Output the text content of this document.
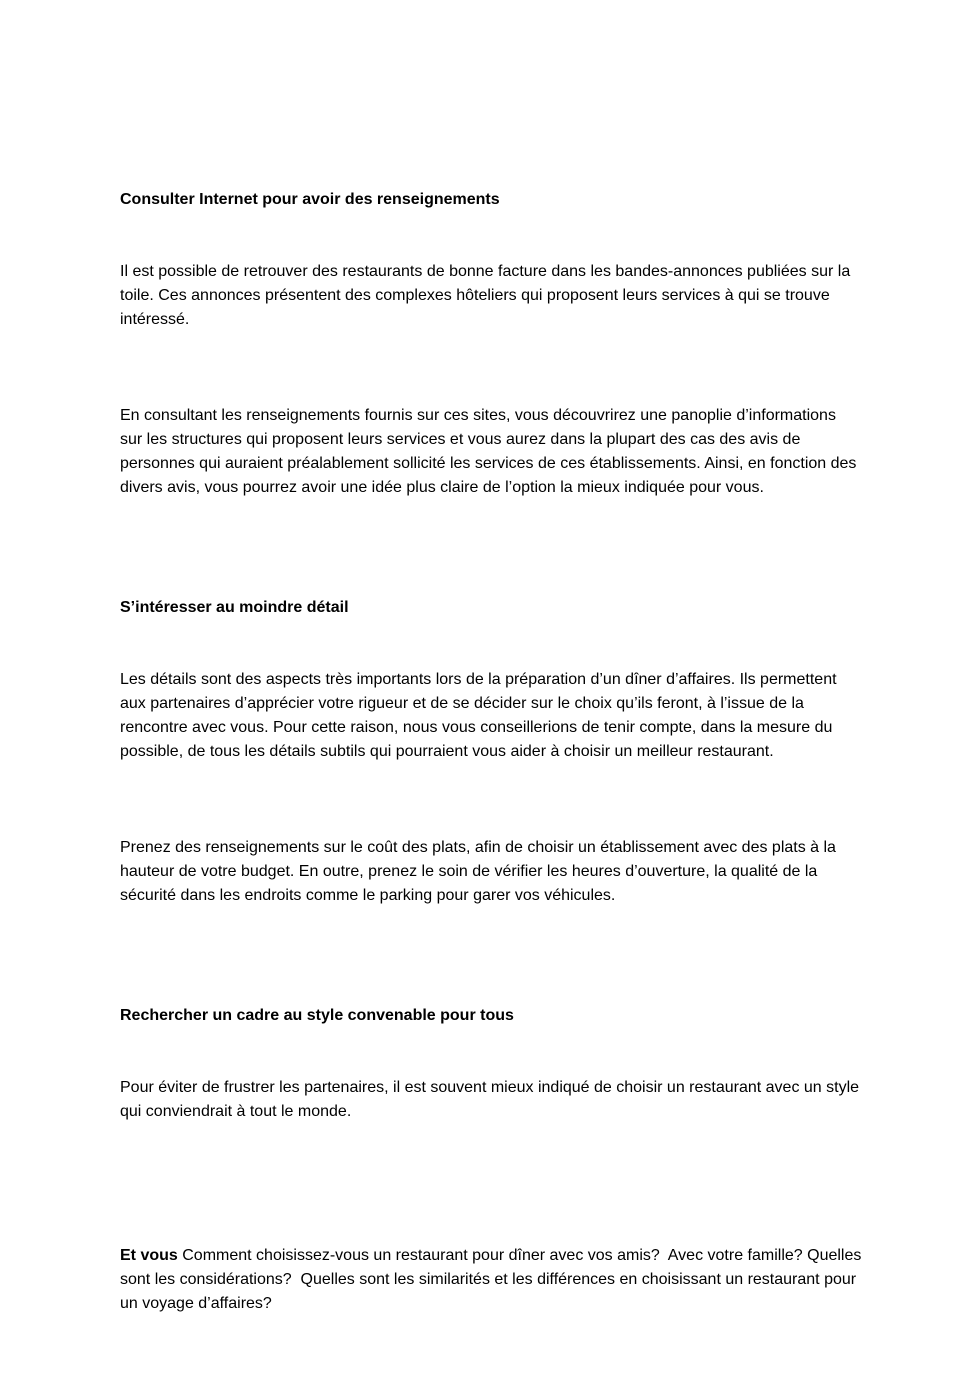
Consulter Internet pour avoir des renseignements

Il est possible de retrouver des restaurants de bonne facture dans les bandes-annonces publiées sur la toile. Ces annonces présentent des complexes hôteliers qui proposent leurs services à qui se trouve intéressé.

En consultant les renseignements fournis sur ces sites, vous découvrirez une panoplie d’informations sur les structures qui proposent leurs services et vous aurez dans la plupart des cas des avis de personnes qui auraient préalablement sollicité les services de ces établissements. Ainsi, en fonction des divers avis, vous pourrez avoir une idée plus claire de l’option la mieux indiquée pour vous.

S’intéresser au moindre détail

Les détails sont des aspects très importants lors de la préparation d’un dîner d’affaires. Ils permettent aux partenaires d’apprécier votre rigueur et de se décider sur le choix qu’ils feront, à l’issue de la rencontre avec vous. Pour cette raison, nous vous conseillerions de tenir compte, dans la mesure du possible, de tous les détails subtils qui pourraient vous aider à choisir un meilleur restaurant.

Prenez des renseignements sur le coût des plats, afin de choisir un établissement avec des plats à la hauteur de votre budget. En outre, prenez le soin de vérifier les heures d’ouverture, la qualité de la sécurité dans les endroits comme le parking pour garer vos véhicules.

Rechercher un cadre au style convenable pour tous

Pour éviter de frustrer les partenaires, il est souvent mieux indiqué de choisir un restaurant avec un style qui conviendrait à tout le monde.

Et vous Comment choisissez-vous un restaurant pour dîner avec vos amis?  Avec votre famille? Quelles sont les considérations?  Quelles sont les similarités et les différences en choisissant un restaurant pour un voyage d’affaires?
